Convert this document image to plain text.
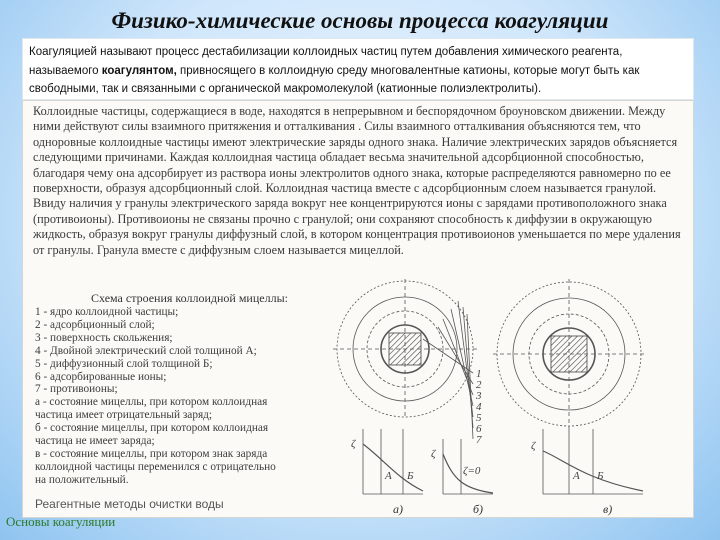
Физико-химические основы процесса коагуляции
Коагуляцией называют процесс дестабилизации коллоидных частиц путем добавления химического реагента, называемого коагулянтом, привносящего в коллоидную среду многовалентные катионы, которые могут быть как свободными, так и связанными с органической макромолекулой (катионные полиэлектролиты).
Коллоидные частицы, содержащиеся в воде, находятся в непрерывном и беспорядочном броуновском движении. Между ними действуют силы взаимного притяжения и отталкивания . Силы взаимного отталкивания объясняются тем, что одноровные коллоидные частицы имеют электрические заряды одного знака. Наличие электрических зарядов объясняется следующими причинами. Каждая коллоидная частица обладает весьма значительной адсорбционной способностью, благодаря чему она адсорбирует из раствора ионы электролитов одного знака, которые распределяются равномерно по ее поверхности, образуя адсорбционный слой. Коллоидная частица вместе с адсорбционным слоем называется гранулой. Ввиду наличия у гранулы электрического заряда вокруг нее концентрируются ионы с зарядами противоположного знака (противоионы). Противоионы не связаны прочно с гранулой; они сохраняют способность к диффузии в окружающую жидкость, образуя вокруг гранулы диффузный слой, в котором концентрация противоионов уменьшается по мере удаления от гранулы. Гранула вместе с диффузным слоем называется мицеллой.
Схема строения коллоидной мицеллы:
1 - ядро коллоидной частицы;
2 - адсорбционный слой;
3 - поверхность скольжения;
4 - Двойной электрический слой толщиной А;
5 - диффузионный слой толщиной Б;
6 - адсорбированные ионы;
7 - противоионы;
а - состояние мицеллы, при котором коллоидная
частица имеет отрицательный заряд;
б - состояние мицеллы, при котором коллоидная
частица не имеет заряда;
в - состояние мицеллы, при котором знак заряда
коллоидной частицы переменился с отрицательно
на положительный.
Реагентные методы очистки воды
1
2
3
4
5
6
7
ζ
ζ
ζ
ζ=0
A Б	А Б
а)	б)	в)
Основы коагуляции
